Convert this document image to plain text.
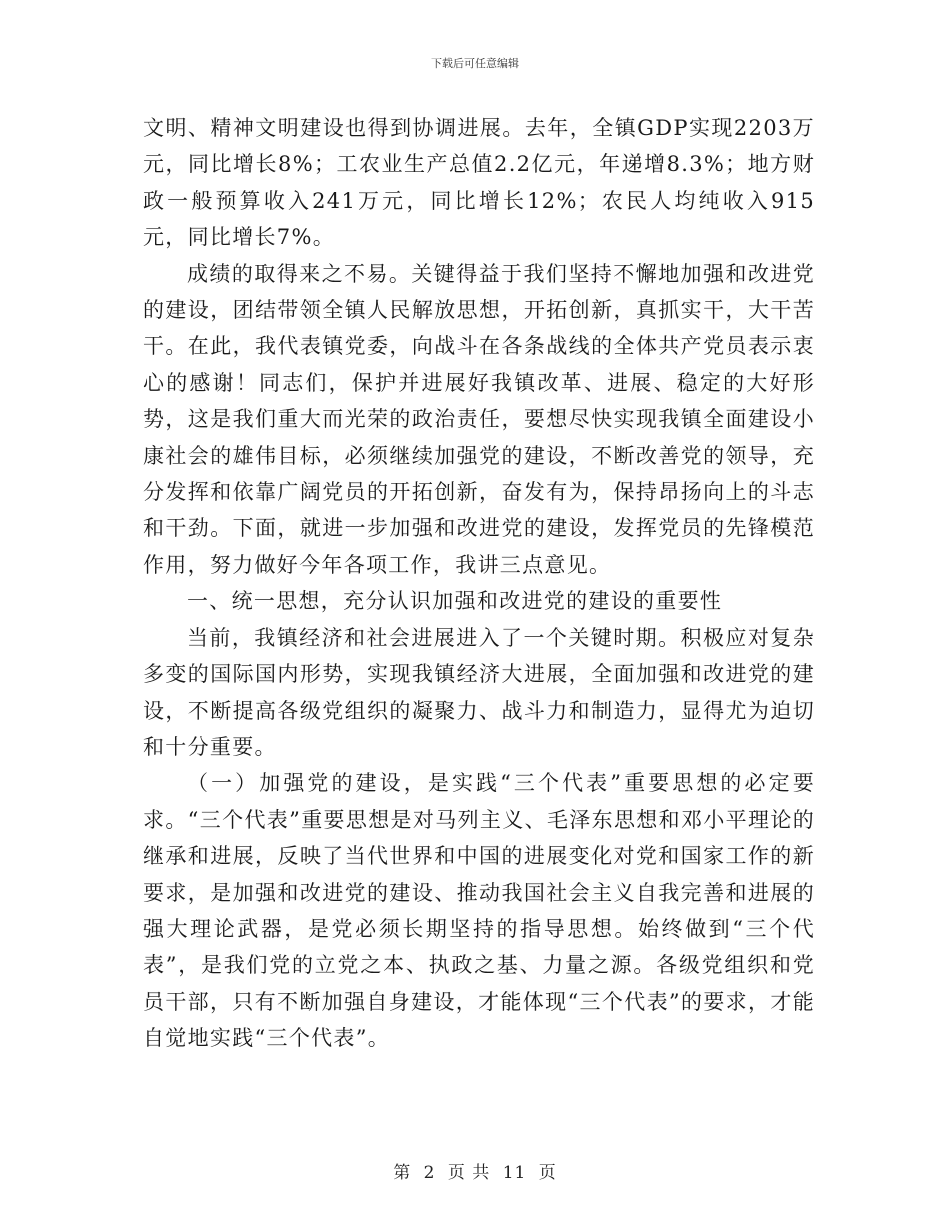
下载后可任意编辑

文明、精神文明建设也得到协调进展。去年，全镇GDP实现2203万元，同比增长8%；工农业生产总值2.2亿元，年递增8.3%；地方财政一般预算收入241万元，同比增长12%；农民人均纯收入915元，同比增长7%。

成绩的取得来之不易。关键得益于我们坚持不懈地加强和改进党的建设，团结带领全镇人民解放思想，开拓创新，真抓实干，大干苦干。在此，我代表镇党委，向战斗在各条战线的全体共产党员表示衷心的感谢！同志们，保护并进展好我镇改革、进展、稳定的大好形势，这是我们重大而光荣的政治责任，要想尽快实现我镇全面建设小康社会的雄伟目标，必须继续加强党的建设，不断改善党的领导，充分发挥和依靠广阔党员的开拓创新，奋发有为，保持昂扬向上的斗志和干劲。下面，就进一步加强和改进党的建设，发挥党员的先锋模范作用，努力做好今年各项工作，我讲三点意见。

一、统一思想，充分认识加强和改进党的建设的重要性

当前，我镇经济和社会进展进入了一个关键时期。积极应对复杂多变的国际国内形势，实现我镇经济大进展，全面加强和改进党的建设，不断提高各级党组织的凝聚力、战斗力和制造力，显得尤为迫切和十分重要。

（一）加强党的建设，是实践“三个代表”重要思想的必定要求。“三个代表”重要思想是对马列主义、毛泽东思想和邓小平理论的继承和进展，反映了当代世界和中国的进展变化对党和国家工作的新要求，是加强和改进党的建设、推动我国社会主义自我完善和进展的强大理论武器，是党必须长期坚持的指导思想。始终做到“三个代表”，是我们党的立党之本、执政之基、力量之源。各级党组织和党员干部，只有不断加强自身建设，才能体现“三个代表”的要求，才能自觉地实践“三个代表”。

第 2 页 共 11 页
